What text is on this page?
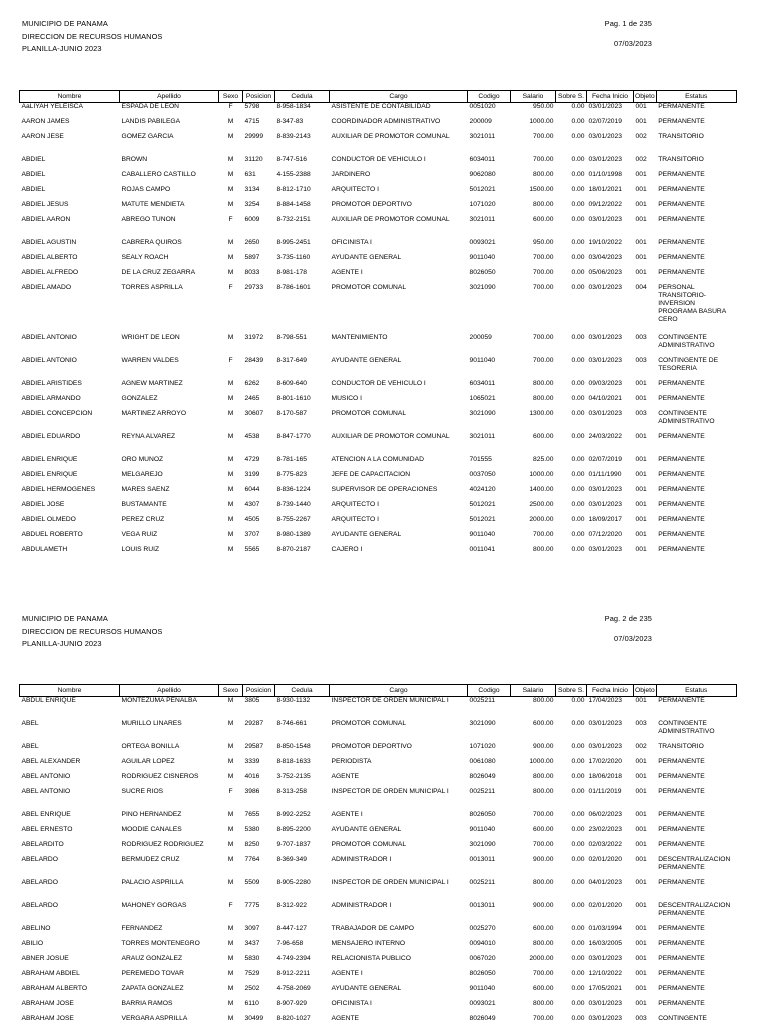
MUNICIPIO DE PANAMA
DIRECCION DE RECURSOS HUMANOS
PLANILLA-JUNIO 2023
Pag. 1 de 235
07/03/2023
Nombre	Apellido	Sexo	Posicion	Cedula	Cargo	Codigo	Salario	Sobre S.	Fecha Inicio	Objeto	Estatus
AaLIYAH YELEISCA	ESPADA DE LEON	F	5798	8-958-1834	ASISTENTE DE CONTABILIDAD	0051020	950.00	0.00	03/01/2023	001	PERMANENTE
AARON JAMES	LANDIS PABILEGA	M	4715	8-347-83	COORDINADOR ADMINISTRATIVO	200009	1000.00	0.00	02/07/2019	001	PERMANENTE
AARON JESE	GOMEZ GARCIA	M	29999	8-839-2143	AUXILIAR DE PROMOTOR COMUNAL	3021011	700.00	0.00	03/01/2023	002	TRANSITORIO
ABDIEL	BROWN	M	31120	8-747-516	CONDUCTOR DE VEHICULO I	6034011	700.00	0.00	03/01/2023	002	TRANSITORIO
ABDIEL	CABALLERO CASTILLO	M	631	4-155-2388	JARDINERO	9062080	800.00	0.00	01/10/1998	001	PERMANENTE
ABDIEL	ROJAS CAMPO	M	3134	8-812-1710	ARQUITECTO I	5012021	1500.00	0.00	18/01/2021	001	PERMANENTE
ABDIEL JESUS	MATUTE MENDIETA	M	3254	8-884-1458	PROMOTOR DEPORTIVO	1071020	800.00	0.00	09/12/2022	001	PERMANENTE
ABDIEL AARON	ABREGO TUNON	F	6009	8-732-2151	AUXILIAR DE PROMOTOR COMUNAL	3021011	600.00	0.00	03/01/2023	001	PERMANENTE
ABDIEL AGUSTIN	CABRERA QUIROS	M	2650	8-995-2451	OFICINISTA I	0093021	950.00	0.00	19/10/2022	001	PERMANENTE
ABDIEL ALBERTO	SEALY ROACH	M	5897	3-735-1160	AYUDANTE GENERAL	9011040	700.00	0.00	03/04/2023	001	PERMANENTE
ABDIEL ALFREDO	DE LA CRUZ ZEGARRA	M	8033	8-981-178	AGENTE I	8026050	700.00	0.00	05/06/2023	001	PERMANENTE
ABDIEL AMADO	TORRES ASPRILLA	F	29733	8-786-1601	PROMOTOR COMUNAL	3021090	700.00	0.00	03/01/2023	004	PERSONAL TRANSITORIO-INVERSION PROGRAMA BASURA CERO
ABDIEL ANTONIO	WRIGHT DE LEON	M	31972	8-798-551	MANTENIMIENTO	200059	700.00	0.00	03/01/2023	003	CONTINGENTE ADMINISTRATIVO
ABDIEL ANTONIO	WARREN VALDES	F	28439	8-317-649	AYUDANTE GENERAL	9011040	700.00	0.00	03/01/2023	003	CONTINGENTE DE TESORERIA
ABDIEL ARISTIDES	AGNEW MARTINEZ	M	6262	8-609-640	CONDUCTOR DE VEHICULO I	6034011	800.00	0.00	09/03/2023	001	PERMANENTE
ABDIEL ARMANDO	GONZALEZ	M	2465	8-801-1610	MUSICO I	1065021	800.00	0.00	04/10/2021	001	PERMANENTE
ABDIEL CONCEPCION	MARTINEZ ARROYO	M	30607	8-170-587	PROMOTOR COMUNAL	3021090	1300.00	0.00	03/01/2023	003	CONTINGENTE ADMINISTRATIVO
ABDIEL EDUARDO	REYNA ALVAREZ	M	4538	8-847-1770	AUXILIAR DE PROMOTOR COMUNAL	3021011	600.00	0.00	24/03/2022	001	PERMANENTE
ABDIEL ENRIQUE	ORO MUNOZ	M	4729	8-781-165	ATENCION A LA COMUNIDAD	701555	825.00	0.00	02/07/2019	001	PERMANENTE
ABDIEL ENRIQUE	MELGAREJO	M	3199	8-775-823	JEFE DE CAPACITACION	0037050	1000.00	0.00	01/11/1990	001	PERMANENTE
ABDIEL HERMOGENES	MARES SAENZ	M	6044	8-836-1224	SUPERVISOR DE OPERACIONES	4024120	1400.00	0.00	03/01/2023	001	PERMANENTE
ABDIEL JOSE	BUSTAMANTE	M	4307	8-739-1440	ARQUITECTO I	5012021	2500.00	0.00	03/01/2023	001	PERMANENTE
ABDIEL OLMEDO	PEREZ CRUZ	M	4505	8-755-2267	ARQUITECTO I	5012021	2000.00	0.00	18/09/2017	001	PERMANENTE
ABDUEL ROBERTO	VEGA RUIZ	M	3707	8-980-1389	AYUDANTE GENERAL	9011040	700.00	0.00	07/12/2020	001	PERMANENTE
ABDULAMETH	LOUIS RUIZ	M	5565	8-870-2187	CAJERO I	0011041	800.00	0.00	03/01/2023	001	PERMANENTE
MUNICIPIO DE PANAMA
DIRECCION DE RECURSOS HUMANOS
PLANILLA-JUNIO 2023
Pag. 2 de 235
07/03/2023
Nombre	Apellido	Sexo	Posicion	Cedula	Cargo	Codigo	Salario	Sobre S.	Fecha Inicio	Objeto	Estatus
ABDUL ENRIQUE	MONTEZUMA PENALBA	M	3805	8-930-1132	INSPECTOR DE ORDEN MUNICIPAL I	0025211	800.00	0.00	17/04/2023	001	PERMANENTE
ABEL	MURILLO LINARES	M	29287	8-746-661	PROMOTOR COMUNAL	3021090	600.00	0.00	03/01/2023	003	CONTINGENTE ADMINISTRATIVO
ABEL	ORTEGA BONILLA	M	29587	8-850-1548	PROMOTOR DEPORTIVO	1071020	900.00	0.00	03/01/2023	002	TRANSITORIO
ABEL ALEXANDER	AGUILAR LOPEZ	M	3339	8-818-1633	PERIODISTA	0061080	1000.00	0.00	17/02/2020	001	PERMANENTE
ABEL ANTONIO	RODRIGUEZ CISNEROS	M	4016	3-752-2135	AGENTE	8026049	800.00	0.00	18/06/2018	001	PERMANENTE
ABEL ANTONIO	SUCRE RIOS	F	3986	8-313-258	INSPECTOR DE ORDEN MUNICIPAL I	0025211	800.00	0.00	01/11/2019	001	PERMANENTE
ABEL ENRIQUE	PINO HERNANDEZ	M	7655	8-992-2252	AGENTE I	8026050	700.00	0.00	06/02/2023	001	PERMANENTE
ABEL ERNESTO	MOODIE CANALES	M	5380	8-895-2200	AYUDANTE GENERAL	9011040	600.00	0.00	23/02/2023	001	PERMANENTE
ABELARDITO	RODRIGUEZ RODRIGUEZ	M	8250	9-707-1837	PROMOTOR COMUNAL	3021090	700.00	0.00	02/03/2022	001	PERMANENTE
ABELARDO	BERMUDEZ CRUZ	M	7764	8-369-349	ADMINISTRADOR I	0013011	900.00	0.00	02/01/2020	001	DESCENTRALIZACION PERMANENTE
ABELARDO	PALACIO ASPRILLA	M	5509	8-905-2280	INSPECTOR DE ORDEN MUNICIPAL I	0025211	800.00	0.00	04/01/2023	001	PERMANENTE
ABELARDO	MAHONEY GORGAS	F	7775	8-312-922	ADMINISTRADOR I	0013011	900.00	0.00	02/01/2020	001	DESCENTRALIZACION PERMANENTE
ABELINO	FERNANDEZ	M	3097	8-447-127	TRABAJADOR DE CAMPO	0025270	600.00	0.00	01/03/1994	001	PERMANENTE
ABILIO	TORRES MONTENEGRO	M	3437	7-96-658	MENSAJERO INTERNO	0094010	800.00	0.00	16/03/2005	001	PERMANENTE
ABNER JOSUE	ARAUZ GONZALEZ	M	5830	4-749-2394	RELACIONISTA PUBLICO	0067020	2000.00	0.00	03/01/2023	001	PERMANENTE
ABRAHAM ABDIEL	PEREMEDO TOVAR	M	7529	8-912-2211	AGENTE I	8026050	700.00	0.00	12/10/2022	001	PERMANENTE
ABRAHAM ALBERTO	ZAPATA GONZALEZ	M	2502	4-758-2069	AYUDANTE GENERAL	9011040	600.00	0.00	17/05/2021	001	PERMANENTE
ABRAHAM JOSE	BARRIA RAMOS	M	6110	8-907-929	OFICINISTA I	0093021	800.00	0.00	03/01/2023	001	PERMANENTE
ABRAHAM JOSE	VERGARA ASPRILLA	M	30499	8-820-1027	AGENTE	8026049	700.00	0.00	03/01/2023	003	CONTINGENTE
